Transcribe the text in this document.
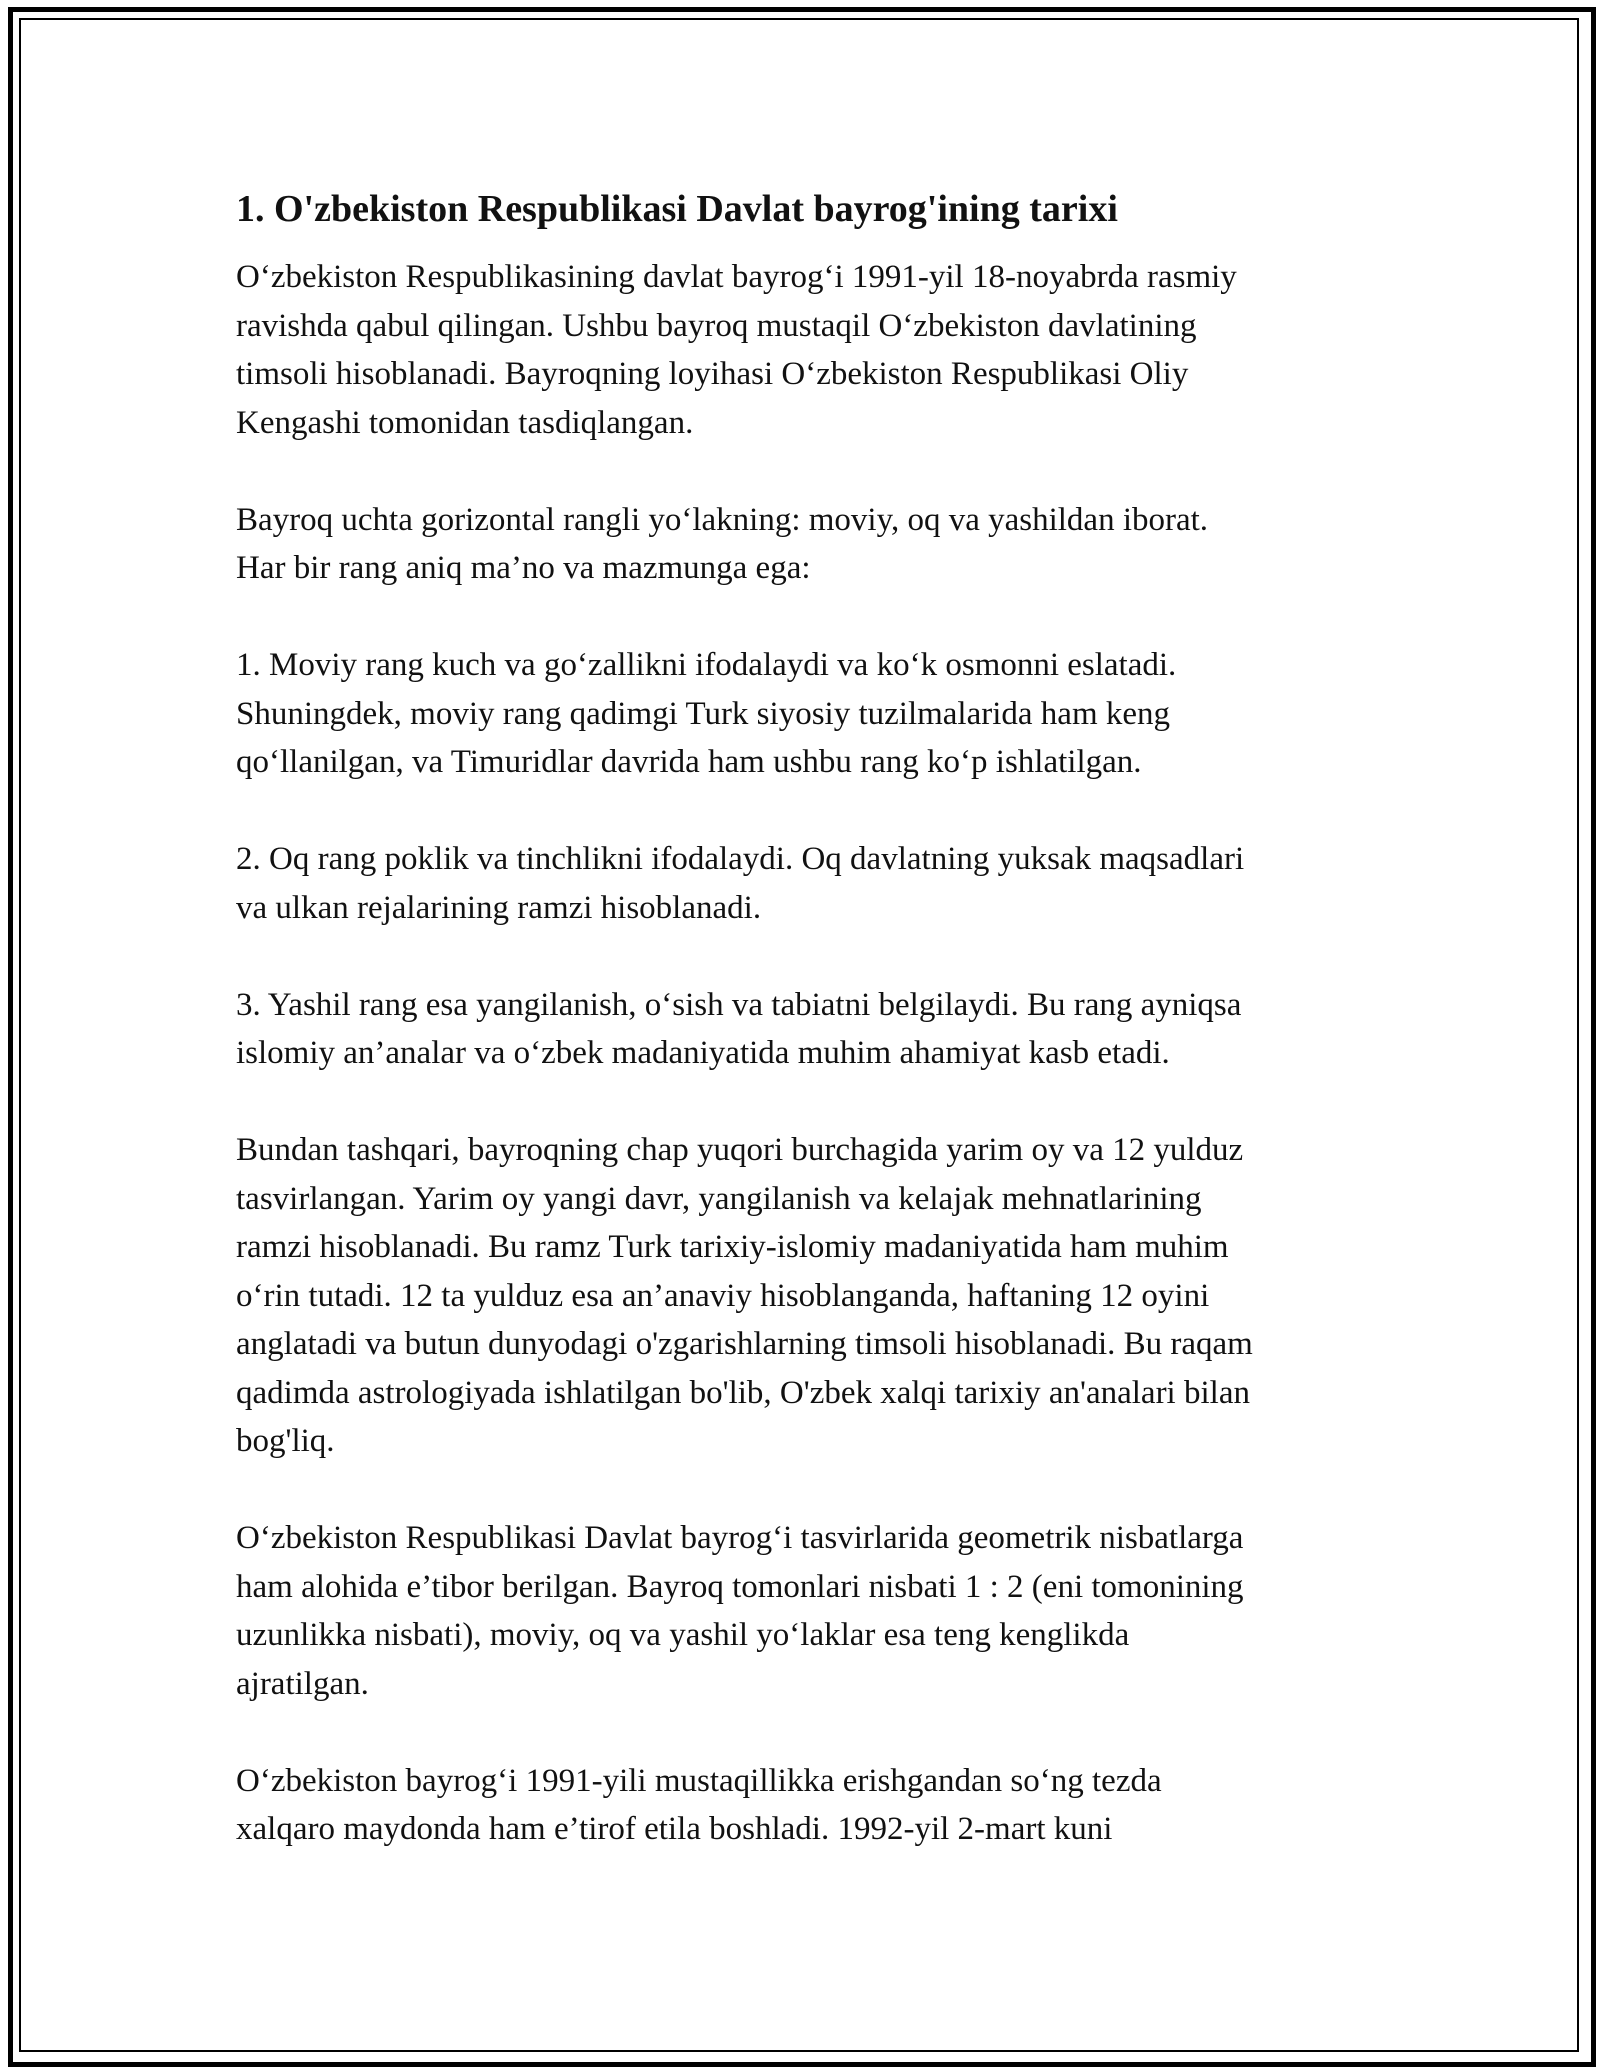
1. O'zbekiston Respublikasi Davlat bayrog'ining tarixi

O‘zbekiston Respublikasining davlat bayrog‘i 1991-yil 18-noyabrda rasmiy
ravishda qabul qilingan. Ushbu bayroq mustaqil O‘zbekiston davlatining
timsoli hisoblanadi. Bayroqning loyihasi O‘zbekiston Respublikasi Oliy
Kengashi tomonidan tasdiqlangan.

Bayroq uchta gorizontal rangli yo‘lakning: moviy, oq va yashildan iborat.
Har bir rang aniq ma’no va mazmunga ega:

1. Moviy rang kuch va go‘zallikni ifodalaydi va ko‘k osmonni eslatadi.
Shuningdek, moviy rang qadimgi Turk siyosiy tuzilmalarida ham keng
qo‘llanilgan, va Timuridlar davrida ham ushbu rang ko‘p ishlatilgan.

2. Oq rang poklik va tinchlikni ifodalaydi. Oq davlatning yuksak maqsadlari
va ulkan rejalarining ramzi hisoblanadi.

3. Yashil rang esa yangilanish, o‘sish va tabiatni belgilaydi. Bu rang ayniqsa
islomiy an’analar va o‘zbek madaniyatida muhim ahamiyat kasb etadi.

Bundan tashqari, bayroqning chap yuqori burchagida yarim oy va 12 yulduz
tasvirlangan. Yarim oy yangi davr, yangilanish va kelajak mehnatlarining
ramzi hisoblanadi. Bu ramz Turk tarixiy-islomiy madaniyatida ham muhim
o‘rin tutadi. 12 ta yulduz esa an’anaviy hisoblanganda, haftaning 12 oyini
anglatadi va butun dunyodagi o'zgarishlarning timsoli hisoblanadi. Bu raqam
qadimda astrologiyada ishlatilgan bo'lib, O'zbek xalqi tarixiy an'analari bilan
bog'liq.

O‘zbekiston Respublikasi Davlat bayrog‘i tasvirlarida geometrik nisbatlarga
ham alohida e’tibor berilgan. Bayroq tomonlari nisbati 1 : 2 (eni tomonining
uzunlikka nisbati), moviy, oq va yashil yo‘laklar esa teng kenglikda
ajratilgan.

O‘zbekiston bayrog‘i 1991-yili mustaqillikka erishgandan so‘ng tezda
xalqaro maydonda ham e’tirof etila boshladi. 1992-yil 2-mart kuni
